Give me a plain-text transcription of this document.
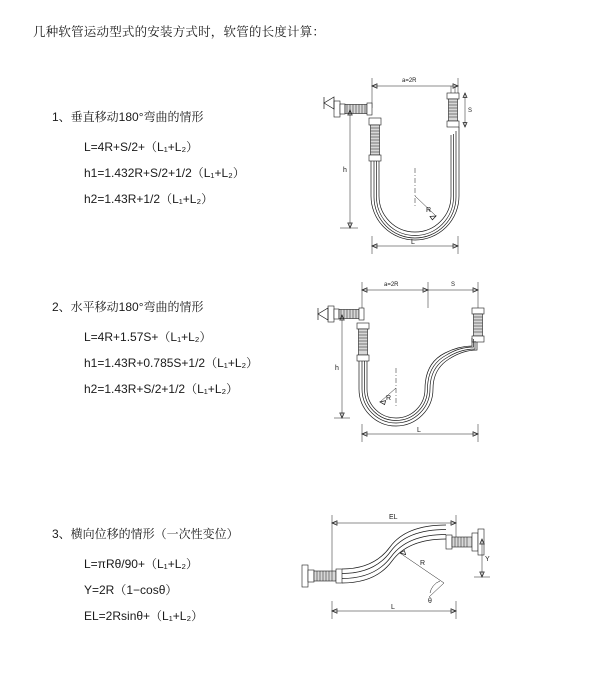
几种软管运动型式的安装方式时，软管的长度计算：
1、垂直移动180°弯曲的情形
L=4R+S/2+（L₁+L₂）
h1=1.432R+S/2+1/2（L₁+L₂）
h2=1.43R+1/2（L₁+L₂）
a=2R
R
h
L
S
2、水平移动180°弯曲的情形
L=4R+1.57S+（L₁+L₂）
h1=1.43R+0.785S+1/2（L₁+L₂）
h2=1.43R+S/2+1/2（L₁+L₂）
a=2R	S
R
h
L
3、横向位移的情形（一次性变位）
L=πRθ/90+（L₁+L₂）
Y=2R（1−cosθ）
EL=2Rsinθ+（L₁+L₂）
EL
R
θ
Y
L
